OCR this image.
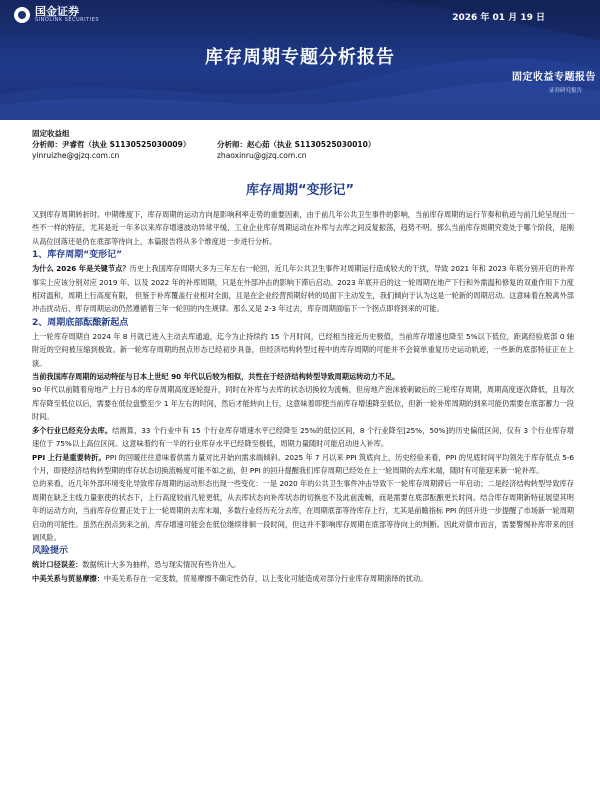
国金证券
SINOLINK SECURITIES	2026 年 01 月 19 日
库存周期专题分析报告
固定收益专题报告
证券研究报告
固定收益组
分析师：尹睿哲（执业 S1130525030009）
yinruizhe@gjzq.com.cn
分析师：赵心茹（执业 S1130525030010）
zhaoxinru@gjzq.com.cn
库存周期“变形记”

又到库存周期转折时。中期维度下，库存周期的运动方向是影响利率走势的重要因素，由于前几年公共卫生事件的影响，当前库存周期的运行节奏和轨迹与前几轮呈现出一些不一样的特征，尤其是近一年多以来库存增速波动异常平缓，工业企业库存周期运动在补库与去库之间反复振荡，趋势不明。那么当前库存周期究竟处于哪个阶段，是刚从高位回落还是仍在底部等待向上，本篇报告将从多个维度进一步进行分析。

1、库存周期“变形记”

为什么 2026 年是关键节点？历史上我国库存周期大多为三年左右一轮回，近几年公共卫生事件对周期运行造成较大的干扰，导致 2021 年和 2023 年底分别开启的补库事实上应该分别对应 2019 年、以及 2022 年的补库周期，只是在外部冲击的影响下滞后启动。2023 年底开启的这一轮周期在地产下行和外需温和修复的双重作用下力度相对温和，周期上行高度有限， 但鉴于补库覆盖行业相对全面，且是在企业经营预期好转的局面下主动发生，我们倾向于认为这是一轮新的周期启动。这意味着在脱离外部冲击扰动后，库存周期运动仍然遵循着三年一轮回的内生规律。那么又是 2-3 年过去，库存周期面临下一个拐点即将到来的可能。

2、周期底部酝酿新起点

上一轮库存周期自 2024 年 8 月就已进入主动去库通道，迄今为止持续约 15 个月时间，已经相当接近历史极值，当前库存增速也降至 5%以下低位，距离经验底部 0 轴附近的空间被压缩到极致。新一轮库存周期的拐点形态已经初步具备，但经济结构转型过程中的库存周期的可能并不会简单重复历史运动轨迹，一些新的底部特征正在上演。

当前我国库存周期的运动特征与日本上世纪 90 年代以后较为相似，共性在于经济结构转型导致周期运转动力不足。

90 年代以前随着房地产上行日本的库存周期高度逐轮提升，同时在补库与去库的状态切换较为流畅，但房地产泡沫被刺破后的三轮库存周期，周期高度逐次降低，且每次库存降至低位以后，需要在低位盘整至少 1 年左右的时间，然后才能转向上行，这意味着即使当前库存增速降至低位，但新一轮补库周期的到来可能仍需要在底部蓄力一段时间。

多个行业已经充分去库。结测算，33 个行业中有 15 个行业库存增速水平已经降至 25%的低位区间，8 个行业降至[25%，50%]的历史偏低区间，仅有 3 个行业库存增速位于 75%以上高位区间。这意味着约有一半的行业库存水平已经降至极低，周期力量随时可能启动进入补库。

PPI 上行是重要转折。PPI 的回暖往往意味着供需力量对比开始向需求端倾斜。2025 年 7 月以来 PPI 筑底向上，历史经验来看，PPI 的见底时间平均领先于库存低点 5-6 个月，即使经济结构转型期的库存状态切换流畅度可能不如之前，但 PPI 的回升提醒我们库存周期已经处在上一轮周期的去库末端，随时有可能迎来新一轮补库。

总的来看，近几年外部环境变化导致库存周期的运动形态出现一些变化：一是 2020 年的公共卫生事件冲击导致下一轮库存周期滞后一年启动；二是经济结构转型导致库存周期在缺乏主线力量驱使的状态下，上行高度较前几轮更低，从去库状态向补库状态的切换也不及此前流畅，而是需要在底部酝酿更长时间。结合库存周期新特征展望其明年的运动方向，当前库存位置正处于上一轮周期的去库末端，多数行业经历充分去库，在周期底部等待库存上行，尤其是前瞻指标 PPI 的回升进一步提醒了市场新一轮周期启动的可能性。虽然在拐点到来之前，库存增速可能会在低位继续徘徊一段时间，但这并不影响库存周期在底部等待向上的判断。因此对债市而言，需要警惕补库带来的回调风险。

风险提示

统计口径误差：数据统计大多为抽样，恐与现实情况有些许出入。

中美关系与贸易摩擦：中美关系存在一定变数，贸易摩擦不确定性仍存，以上变化可能造成对部分行业库存周期演绎的扰动。
